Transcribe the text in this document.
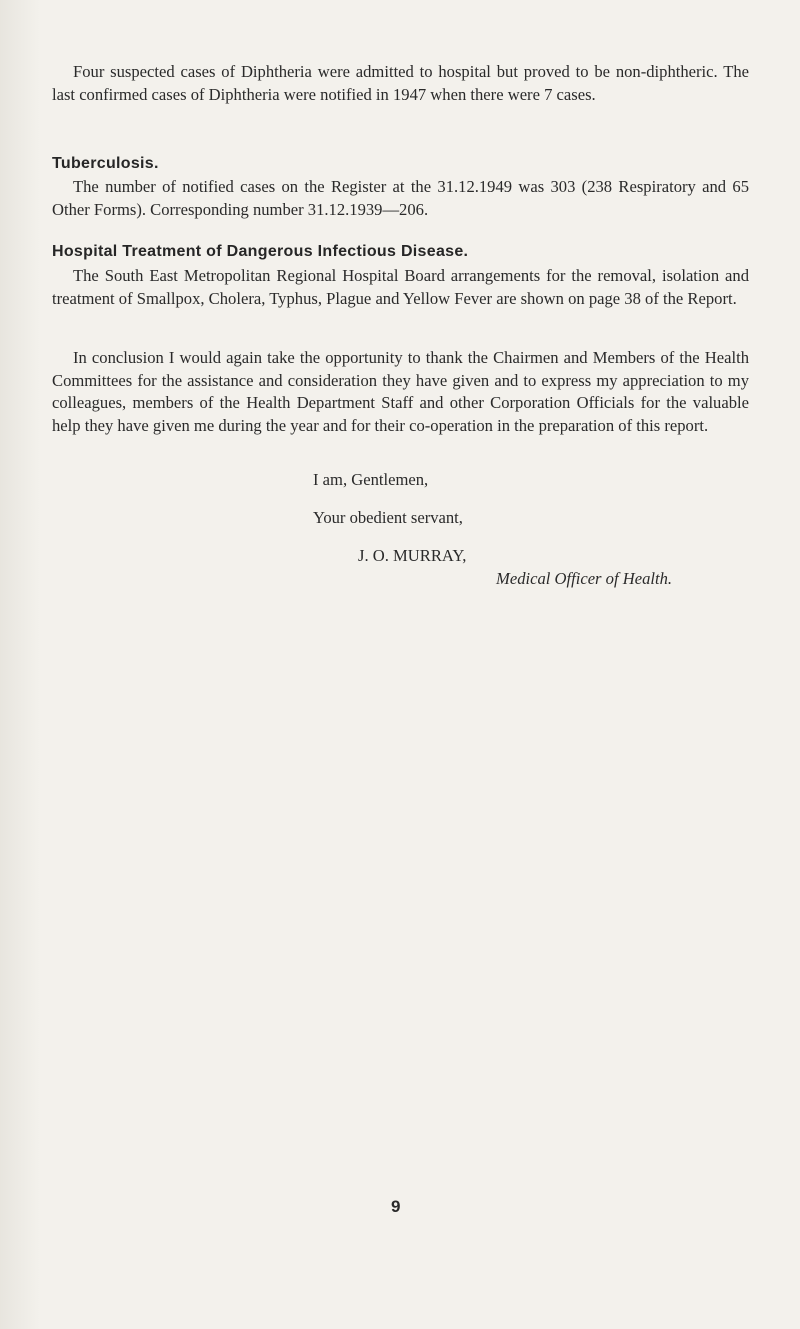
Four suspected cases of Diphtheria were admitted to hospital but proved to be non-diphtheric. The last confirmed cases of Diphtheria were notified in 1947 when there were 7 cases.

Tuberculosis.

The number of notified cases on the Register at the 31.12.1949 was 303 (238 Respiratory and 65 Other Forms). Corresponding number 31.12.1939—206.

Hospital Treatment of Dangerous Infectious Disease.

The South East Metropolitan Regional Hospital Board arrangements for the removal, isolation and treatment of Smallpox, Cholera, Typhus, Plague and Yellow Fever are shown on page 38 of the Report.

In conclusion I would again take the opportunity to thank the Chairmen and Members of the Health Committees for the assistance and consideration they have given and to express my appreciation to my colleagues, members of the Health Department Staff and other Corporation Officials for the valuable help they have given me during the year and for their co-operation in the preparation of this report.

I am, Gentlemen,

Your obedient servant,

J. O. MURRAY,

Medical Officer of Health.

9
